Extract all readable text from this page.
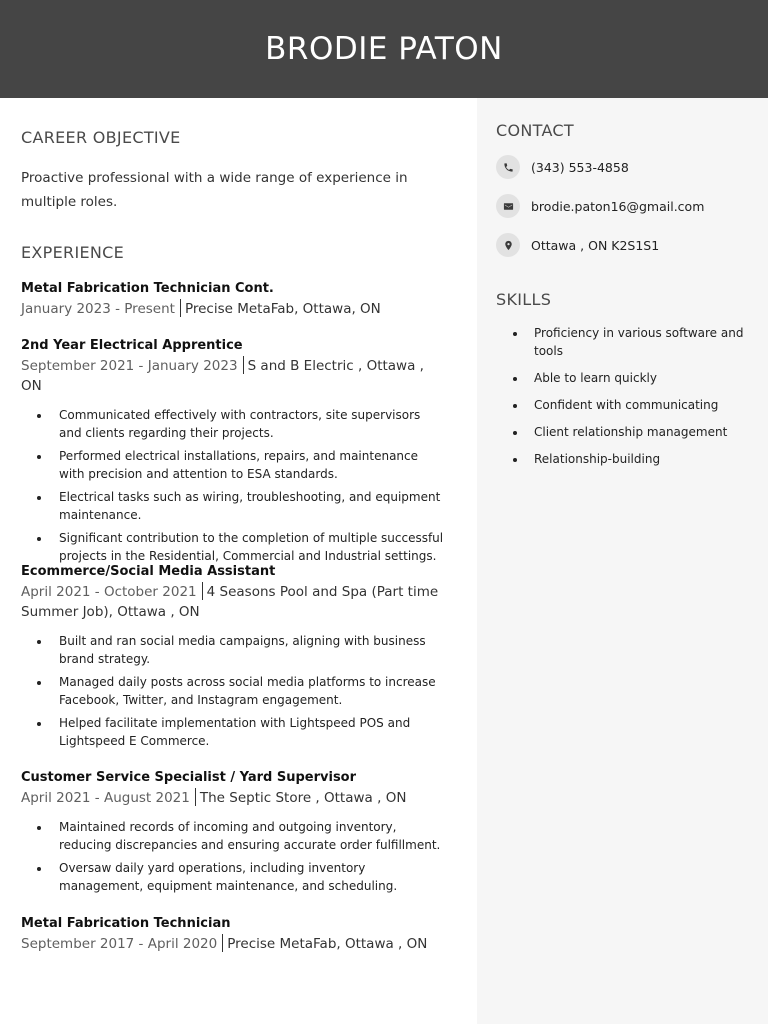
BRODIE PATON
CAREER OBJECTIVE
Proactive professional with a wide range of experience in multiple roles.
EXPERIENCE
Metal Fabrication Technician Cont.
January 2023 - Present Precise MetaFab, Ottawa, ON
2nd Year Electrical Apprentice
September 2021 - January 2023 S and B Electric , Ottawa , ON
Communicated effectively with contractors, site supervisors and clients regarding their projects.
Performed electrical installations, repairs, and maintenance with precision and attention to ESA standards.
Electrical tasks such as wiring, troubleshooting, and equipment maintenance.
Significant contribution to the completion of multiple successful projects in the Residential, Commercial and Industrial settings.
Ecommerce/Social Media Assistant
April 2021 - October 2021 4 Seasons Pool and Spa (Part time Summer Job), Ottawa , ON
Built and ran social media campaigns, aligning with business brand strategy.
Managed daily posts across social media platforms to increase Facebook, Twitter, and Instagram engagement.
Helped facilitate implementation with Lightspeed POS and Lightspeed E Commerce.
Customer Service Specialist / Yard Supervisor
April 2021 - August 2021 The Septic Store , Ottawa , ON
Maintained records of incoming and outgoing inventory, reducing discrepancies and ensuring accurate order fulfillment.
Oversaw daily yard operations, including inventory management, equipment maintenance, and scheduling.
Metal Fabrication Technician
September 2017 - April 2020 Precise MetaFab, Ottawa , ON
CONTACT
(343) 553-4858
brodie.paton16@gmail.com
Ottawa , ON K2S1S1
SKILLS
Proficiency in various software and tools
Able to learn quickly
Confident with communicating
Client relationship management
Relationship-building
